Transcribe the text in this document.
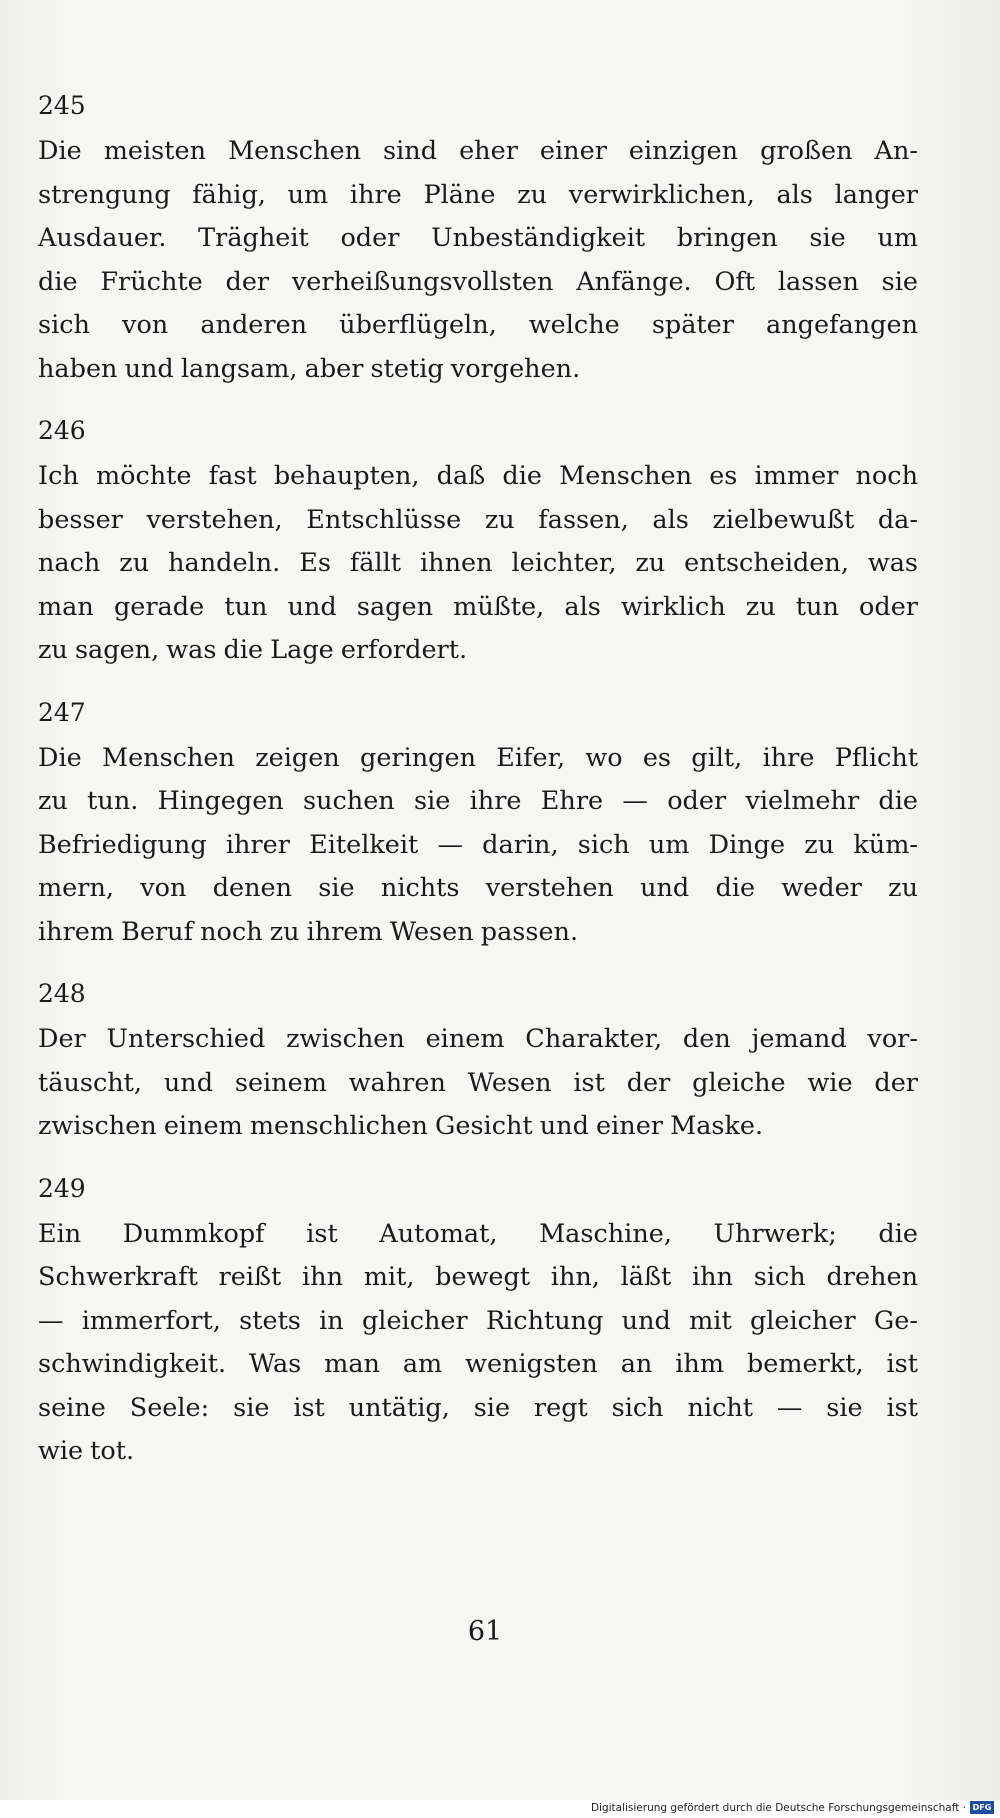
245
Die meisten Menschen sind eher einer einzigen großen An-
strengung fähig, um ihre Pläne zu verwirklichen, als langer
Ausdauer. Trägheit oder Unbeständigkeit bringen sie um
die Früchte der verheißungsvollsten Anfänge. Oft lassen sie
sich von anderen überflügeln, welche später angefangen
haben und langsam, aber stetig vorgehen.
246
Ich möchte fast behaupten, daß die Menschen es immer noch
besser verstehen, Entschlüsse zu fassen, als zielbewußt da-
nach zu handeln. Es fällt ihnen leichter, zu entscheiden, was
man gerade tun und sagen müßte, als wirklich zu tun oder
zu sagen, was die Lage erfordert.
247
Die Menschen zeigen geringen Eifer, wo es gilt, ihre Pflicht
zu tun. Hingegen suchen sie ihre Ehre — oder vielmehr die
Befriedigung ihrer Eitelkeit — darin, sich um Dinge zu küm-
mern, von denen sie nichts verstehen und die weder zu
ihrem Beruf noch zu ihrem Wesen passen.
248
Der Unterschied zwischen einem Charakter, den jemand vor-
täuscht, und seinem wahren Wesen ist der gleiche wie der
zwischen einem menschlichen Gesicht und einer Maske.
249
Ein Dummkopf ist Automat, Maschine, Uhrwerk; die
Schwerkraft reißt ihn mit, bewegt ihn, läßt ihn sich drehen
— immerfort, stets in gleicher Richtung und mit gleicher Ge-
schwindigkeit. Was man am wenigsten an ihm bemerkt, ist
seine Seele: sie ist untätig, sie regt sich nicht — sie ist
wie tot.
61
Digitalisierung gefördert durch die Deutsche Forschungsgemeinschaft · DFG
